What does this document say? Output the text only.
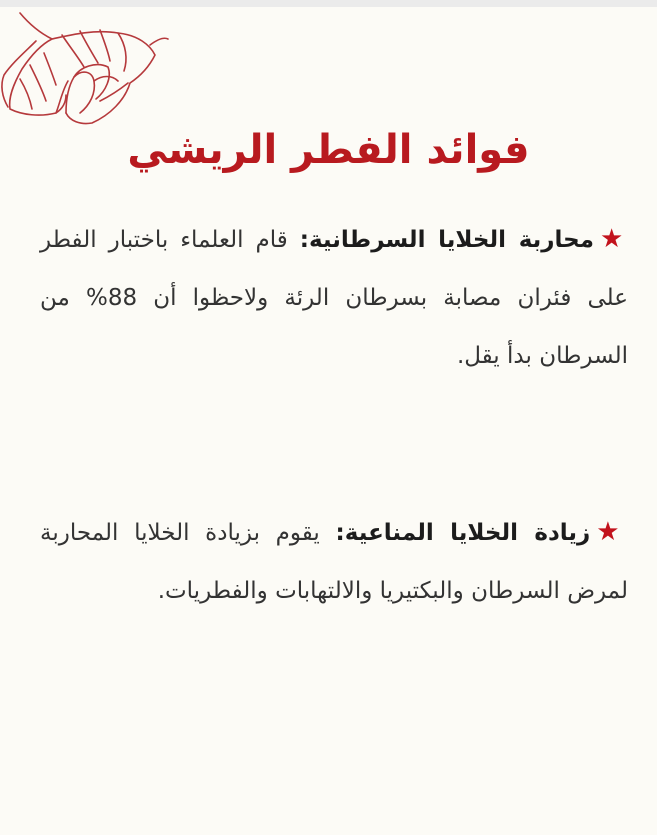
فوائد الفطر الريشي

★محاربة الخلايا السرطانية: قام العلماء باختبار الفطر على فئران مصابة بسرطان الرئة ولاحظوا أن 88% من السرطان بدأ يقل.

★زيادة الخلايا المناعية: يقوم بزيادة الخلايا المحاربة لمرض السرطان والبكتيريا والالتهابات والفطريات.
